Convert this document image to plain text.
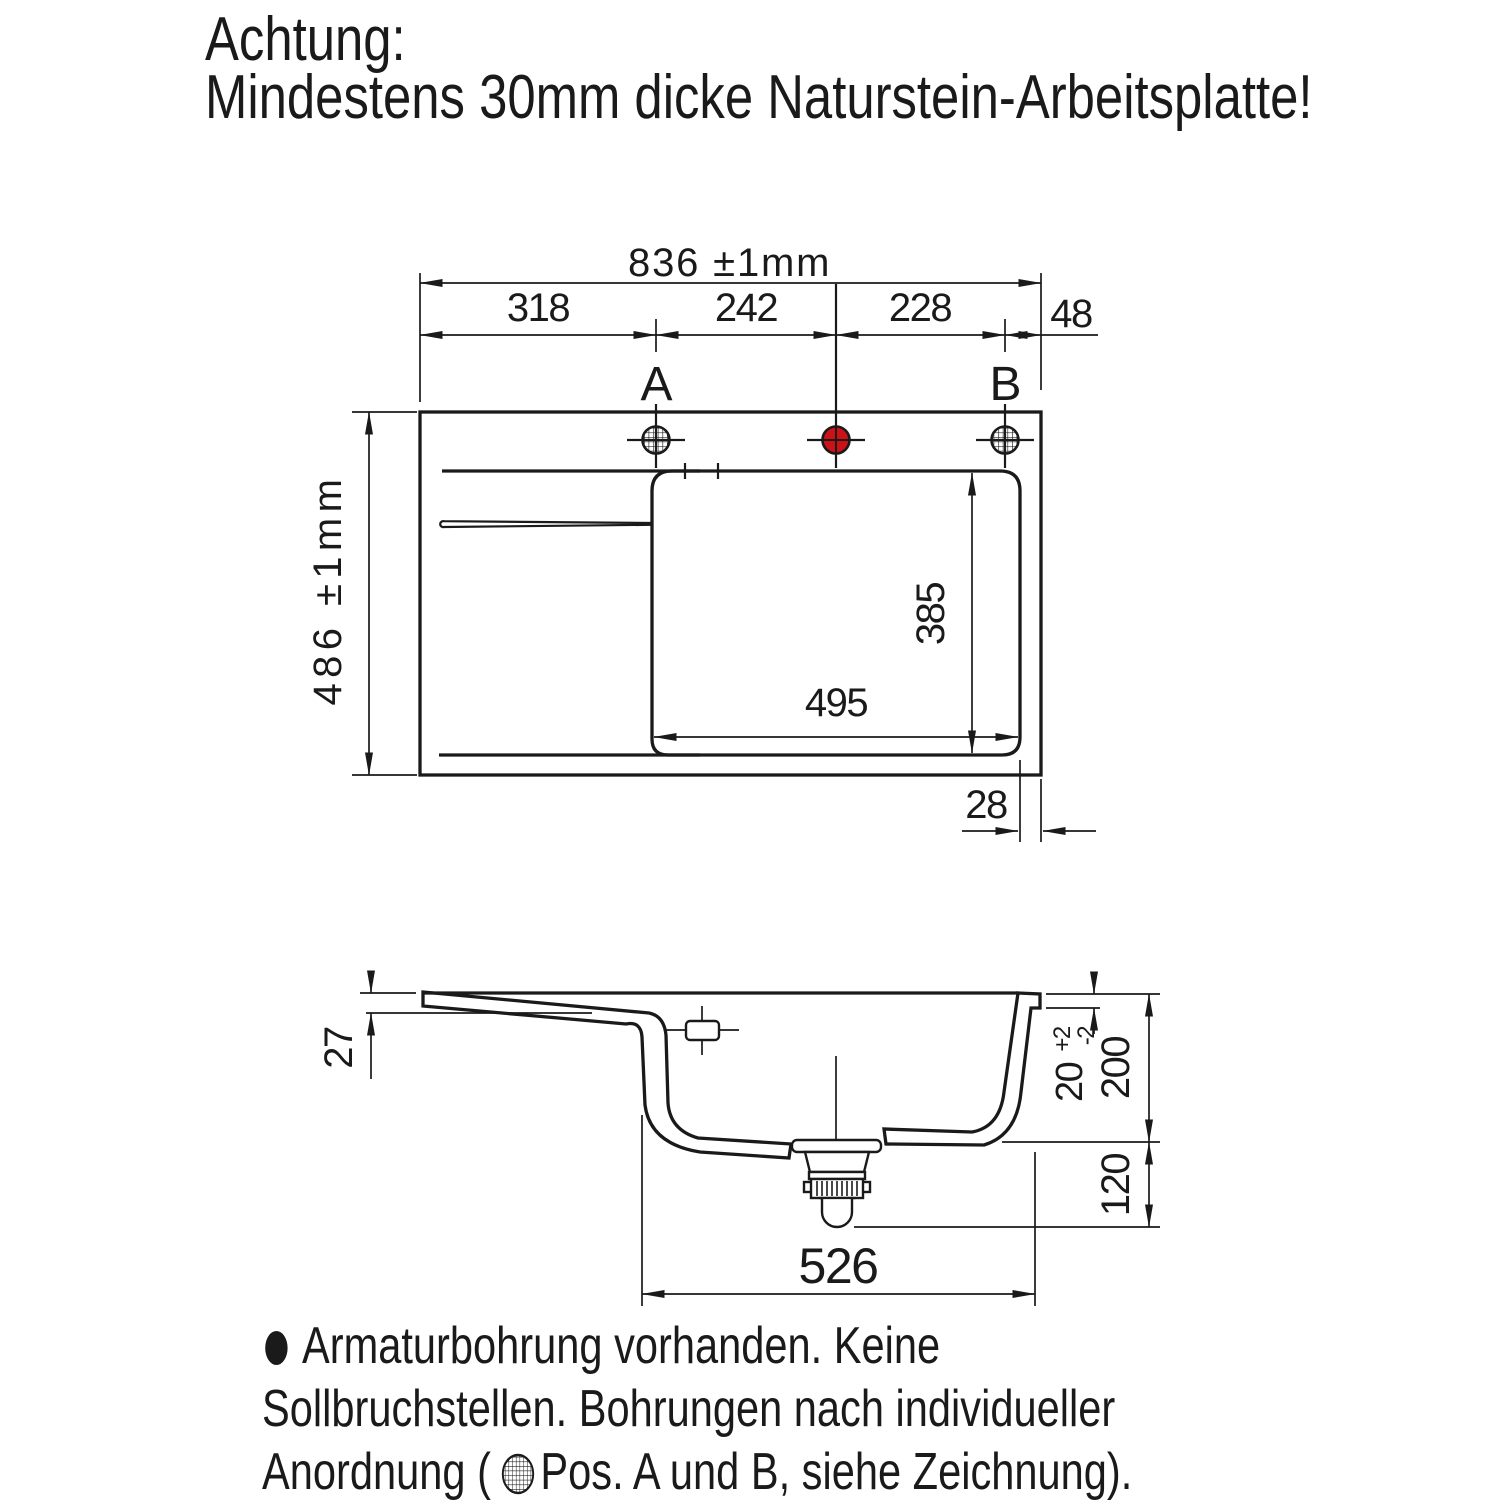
Achtung:
Mindestens 30mm dicke Naturstein-Arbeitsplatte!
836 ±1mm
318	242	228 48
486 ±1mm
A	B
385
495
28
27
20 $^{+2}$ -2
200
120
526
Armaturbohrung vorhanden. Keine
Sollbruchstellen. Bohrungen nach individueller
Anordnung ( Pos. A und B, siehe Zeichnung).
